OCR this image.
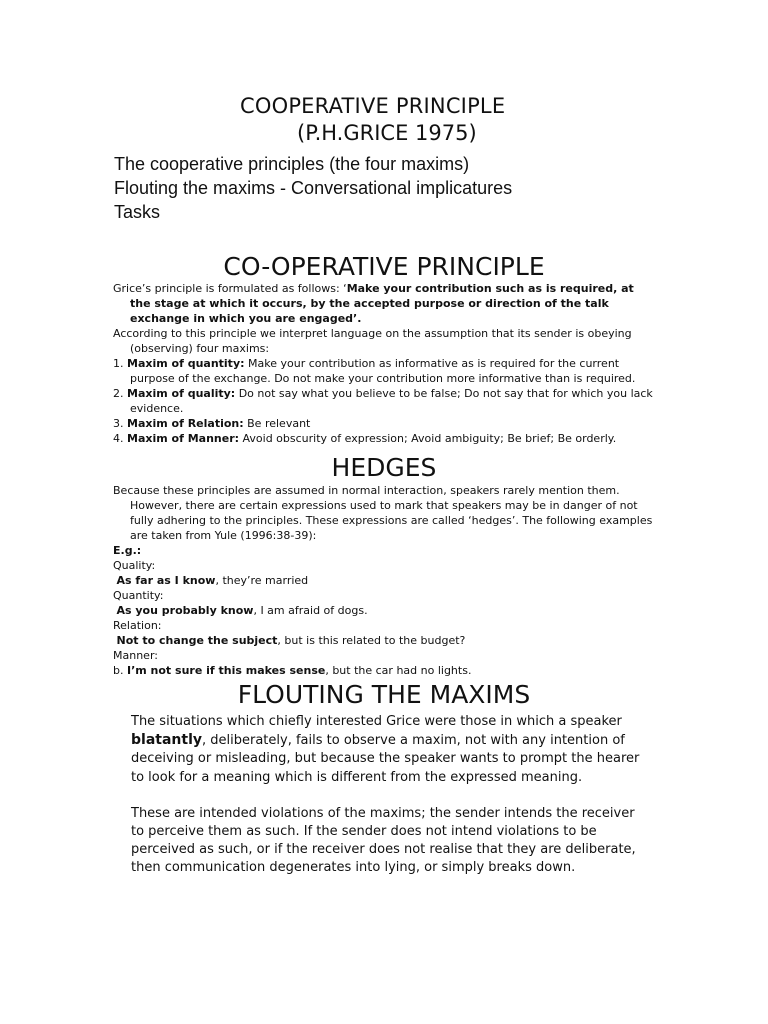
COOPERATIVE PRINCIPLE
(P.H.GRICE 1975)
The cooperative principles (the four maxims)
Flouting the maxims - Conversational implicatures
Tasks
CO-OPERATIVE PRINCIPLE

Grice’s principle is formulated as follows: ‘Make your contribution such as is required, at the stage at which it occurs, by the accepted purpose or direction of the talk exchange in which you are engaged’.

According to this principle we interpret language on the assumption that its sender is obeying (observing) four maxims:

1. Maxim of quantity: Make your contribution as informative as is required for the current purpose of the exchange. Do not make your contribution more informative than is required.

2. Maxim of quality: Do not say what you believe to be false; Do not say that for which you lack evidence.

3. Maxim of Relation: Be relevant

4. Maxim of Manner: Avoid obscurity of expression; Avoid ambiguity; Be brief; Be orderly.

HEDGES

Because these principles are assumed in normal interaction, speakers rarely mention them. However, there are certain expressions used to mark that speakers may be in danger of not fully adhering to the principles. These expressions are called ‘hedges’. The following examples are taken from Yule (1996:38-39):

E.g.:

Quality:

As far as I know, they’re married

Quantity:

As you probably know, I am afraid of dogs.

Relation:

Not to change the subject, but is this related to the budget?

Manner:

b. I’m not sure if this makes sense, but the car had no lights.

FLOUTING THE MAXIMS

The situations which chiefly interested Grice were those in which a speaker blatantly, deliberately, fails to observe a maxim, not with any intention of deceiving or misleading, but because the speaker wants to prompt the hearer to look for a meaning which is different from the expressed meaning.

These are intended violations of the maxims; the sender intends the receiver to perceive them as such. If the sender does not intend violations to be perceived as such, or if the receiver does not realise that they are deliberate, then communication degenerates into lying, or simply breaks down.
